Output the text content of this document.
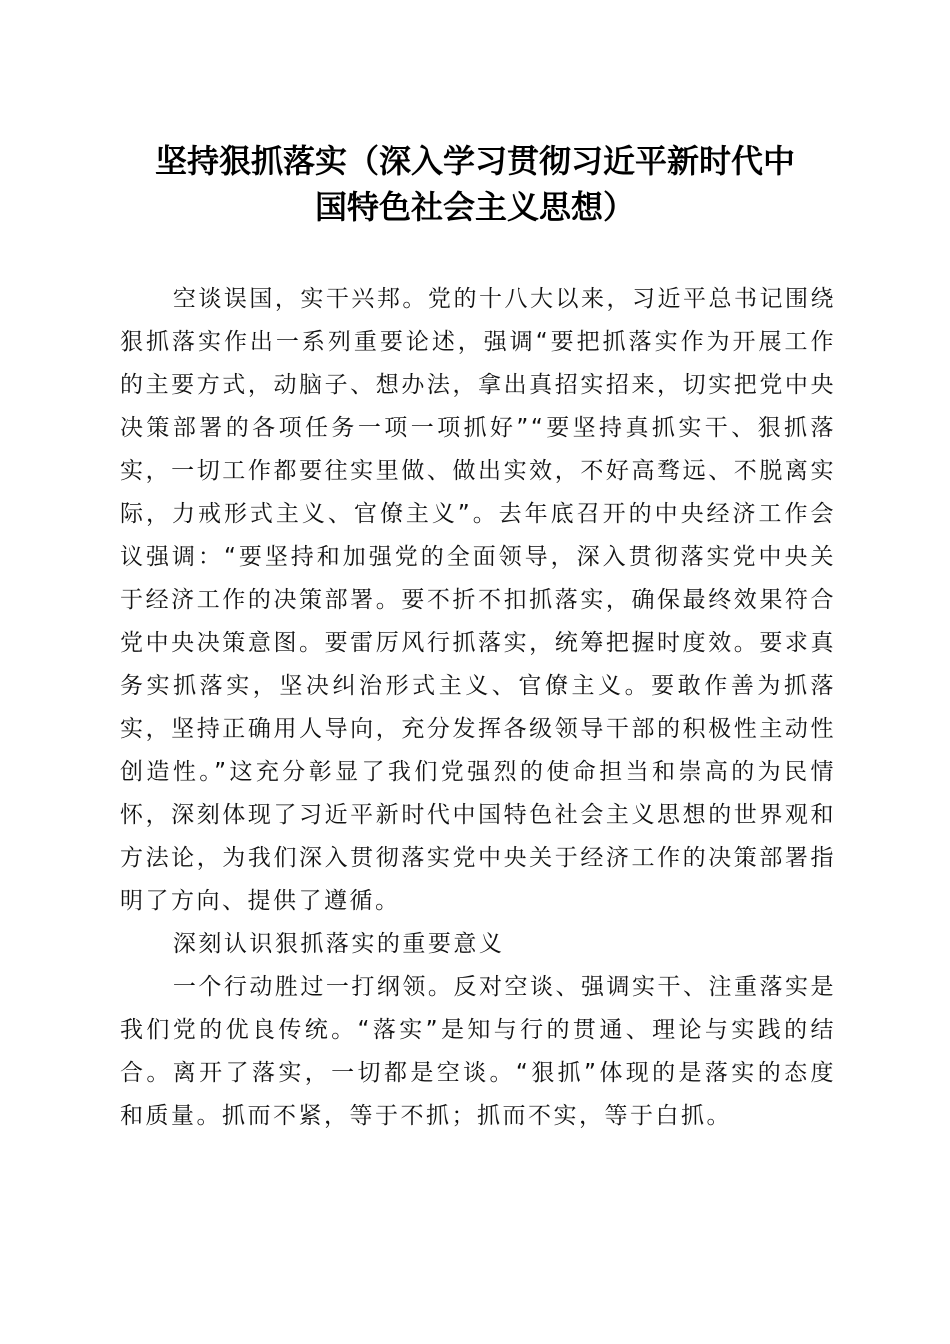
坚持狠抓落实（深入学习贯彻习近平新时代中
国特色社会主义思想）

空谈误国，实干兴邦。党的十八大以来，习近平总书记围绕狠抓落实作出一系列重要论述，强调“要把抓落实作为开展工作的主要方式，动脑子、想办法，拿出真招实招来，切实把党中央决策部署的各项任务一项一项抓好”“要坚持真抓实干、狠抓落实，一切工作都要往实里做、做出实效，不好高骛远、不脱离实际，力戒形式主义、官僚主义”。去年底召开的中央经济工作会议强调：“要坚持和加强党的全面领导，深入贯彻落实党中央关于经济工作的决策部署。要不折不扣抓落实，确保最终效果符合党中央决策意图。要雷厉风行抓落实，统筹把握时度效。要求真务实抓落实，坚决纠治形式主义、官僚主义。要敢作善为抓落实，坚持正确用人导向，充分发挥各级领导干部的积极性主动性创造性。”这充分彰显了我们党强烈的使命担当和崇高的为民情怀，深刻体现了习近平新时代中国特色社会主义思想的世界观和方法论，为我们深入贯彻落实党中央关于经济工作的决策部署指明了方向、提供了遵循。

深刻认识狠抓落实的重要意义

一个行动胜过一打纲领。反对空谈、强调实干、注重落实是我们党的优良传统。“落实”是知与行的贯通、理论与实践的结合。离开了落实，一切都是空谈。“狠抓”体现的是落实的态度和质量。抓而不紧，等于不抓；抓而不实，等于白抓。
